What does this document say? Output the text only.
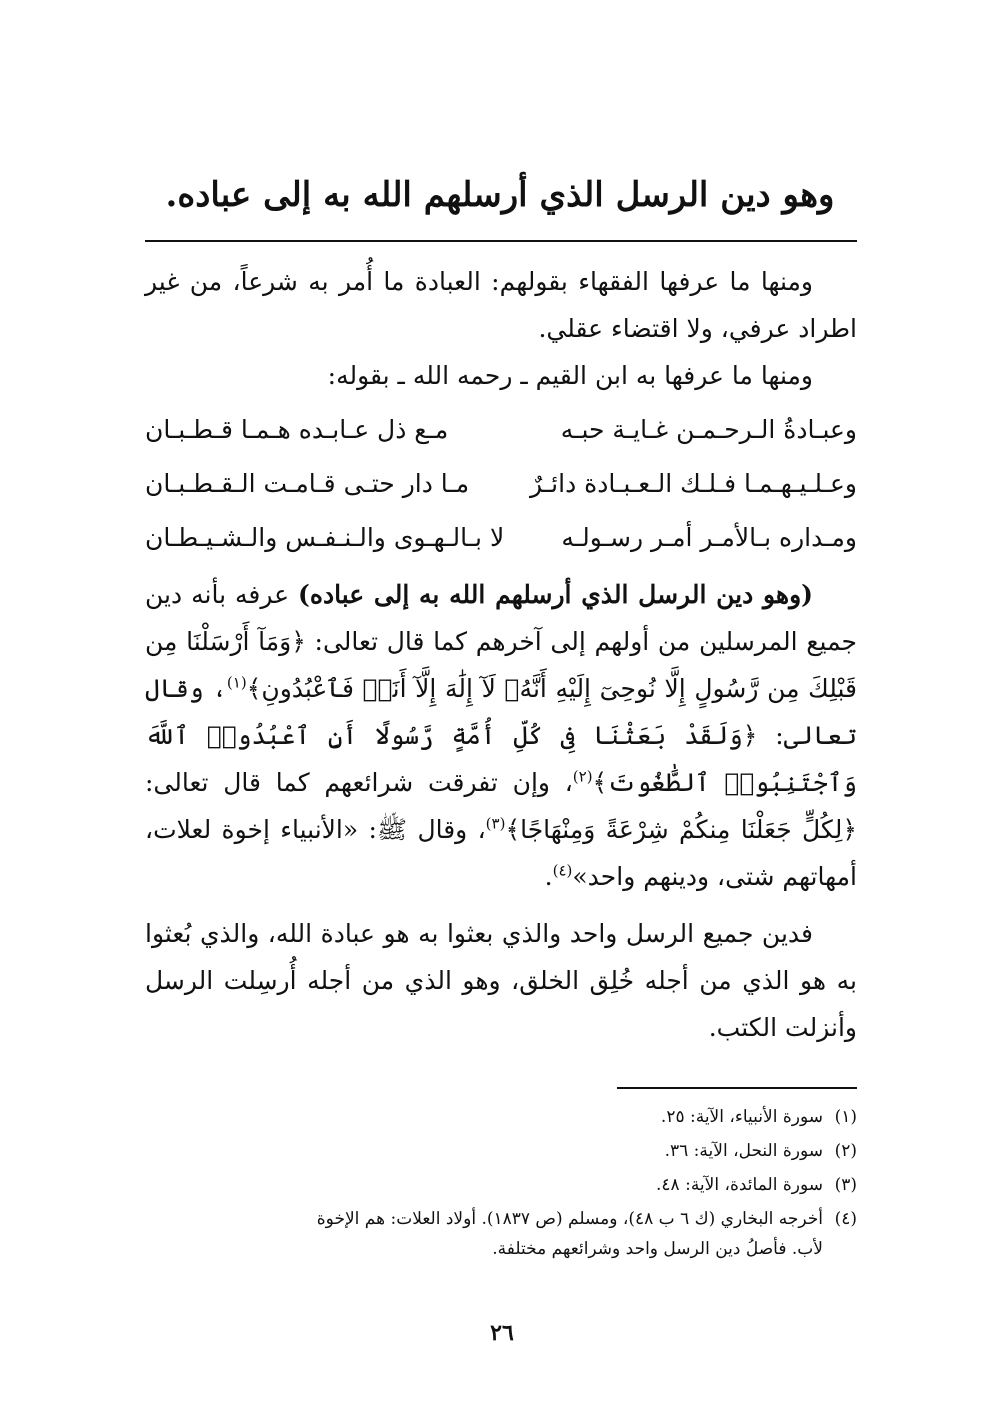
وهو دين الرسل الذي أرسلهم الله به إلى عباده.

ومنها ما عرفها الفقهاء بقولهم: العبادة ما أُمر به شرعاً، من غير اطراد عرفي، ولا اقتضاء عقلي.

ومنها ما عرفها به ابن القيم ـ رحمه الله ـ بقوله:

وعبـادةُ الـرحـمـن غـايـة حبـه
مـع ذل عـابـده هـمـا قـطـبـان
وعـلـيـهـمـا فـلـك الـعـبـادة دائـرٌ
مـا دار حتـى قـامـت الـقـطـبـان
ومـداره بـالأمـر أمـر رسـولـه
لا بـالـهـوى والـنـفـس والـشـيـطـان

(وهو دين الرسل الذي أرسلهم الله به إلى عباده) عرفه بأنه دين جميع المرسلين من أولهم إلى آخرهم كما قال تعالى: ﴿وَمَآ أَرْسَلْنَا مِن قَبْلِكَ مِن رَّسُولٍ إِلَّا نُوحِىٓ إِلَيْهِ أَنَّهُۥ لَآ إِلَٰهَ إِلَّآ أَنَا۠ فَٱعْبُدُونِ﴾$^{(١)}$، وقال تعالى: ﴿وَلَقَدْ بَعَثْنَا فِى كُلِّ أُمَّةٍ رَّسُولًا أَنِ ٱعْبُدُوا۟ ٱللَّهَ وَٱجْتَنِبُوا۟ ٱلطَّٰغُوتَ﴾$^{(٢)}$، وإن تفرقت شرائعهم كما قال تعالى: ﴿لِكُلٍّ جَعَلْنَا مِنكُمْ شِرْعَةً وَمِنْهَاجًا﴾$^{(٣)}$، وقال ﷺ: «الأنبياء إخوة لعلات، أمهاتهم شتى، ودينهم واحد»$^{(٤)}$.

فدين جميع الرسل واحد والذي بعثوا به هو عبادة الله، والذي بُعثوا به هو الذي من أجله خُلِق الخلق، وهو الذي من أجله أُرسِلت الرسل وأنزلت الكتب.

(١)سورة الأنبياء، الآية: ٢٥.

(٢)سورة النحل، الآية: ٣٦.

(٣)سورة المائدة، الآية: ٤٨.

(٤)أخرجه البخاري (ك ٦ ب ٤٨)، ومسلم (ص ١٨٣٧). أولاد العلات: هم الإخوة

لأب. فأصلُ دين الرسل واحد وشرائعهم مختلفة.

٢٦
